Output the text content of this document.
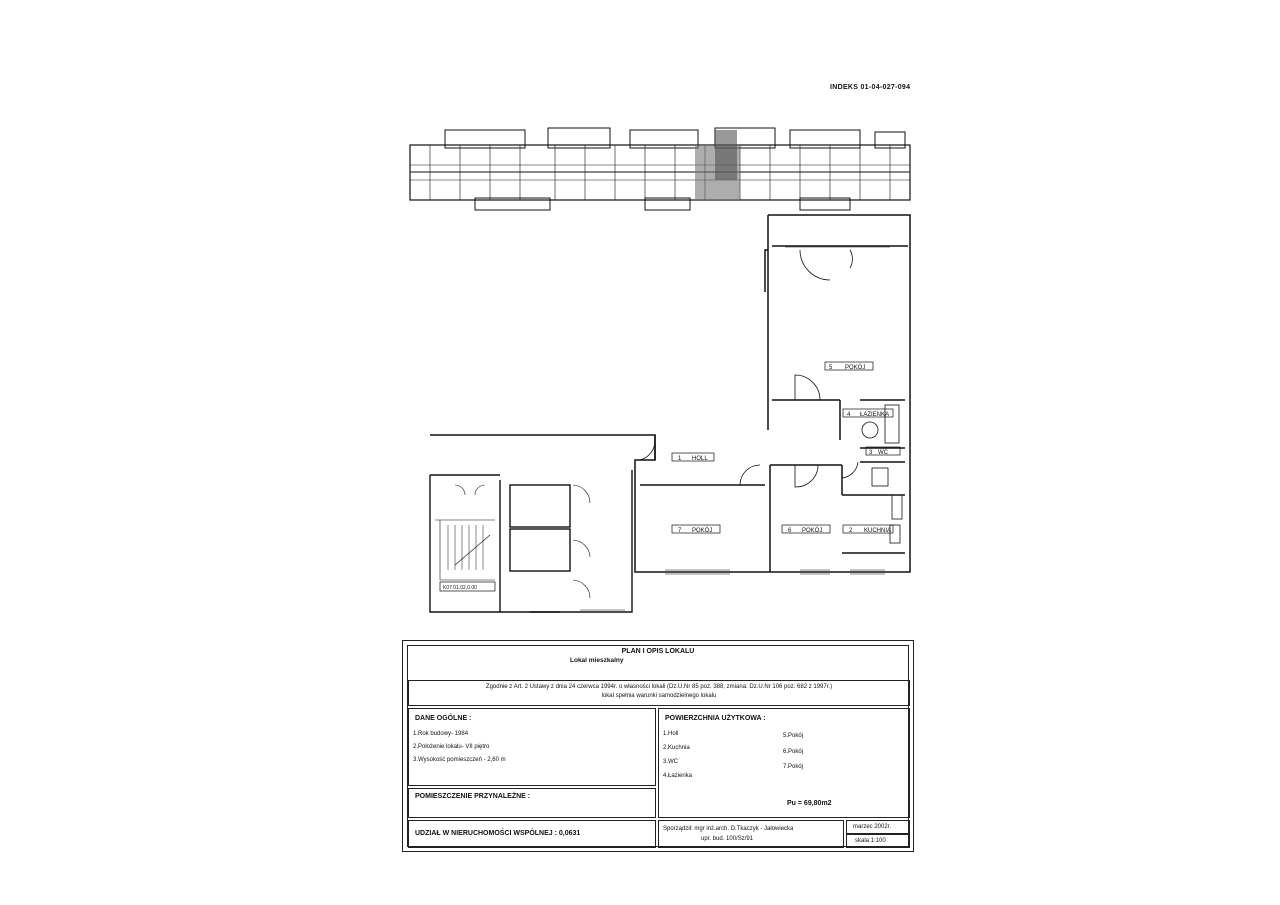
INDEKS 01-04-027-094
5 POKÓJ
4 ŁAZIENKA
3 WC
1 HOLL
7 POKÓJ	6 POKÓJ	2 KUCHNIA
K07 01.02.0.00
PLAN I OPIS LOKALU
Lokal mieszkalny
Zgodnie z Art. 2 Ustawy z dnia 24 czerwca 1994r. o własności lokali (Dz.U.Nr 85 poz. 388, zmiana: Dz.U.Nr 106 poz. 682 z 1997r.)
lokal spełnia warunki samodzielnego lokalu
DANE OGÓLNE :
1.Rok budowy- 1984
2.Położenie lokalu- VII piętro
3.Wysokość pomieszczeń - 2,60 m
POWIERZCHNIA UŻYTKOWA :
1.Holl
2.Kuchnia
3.WC
4.Łazienka
5.Pokój
6.Pokój
7.Pokój
Pu = 69,80m2
POMIESZCZENIE PRZYNALEŻNE :
UDZIAŁ W NIERUCHOMOŚCI WSPÓLNEJ : 0,0631
Sporządził: mgr inż.arch. D.Tkaczyk - Jałowiecka
upr. bud. 100/Sz/91
marzec 2002r.
skala 1:100
